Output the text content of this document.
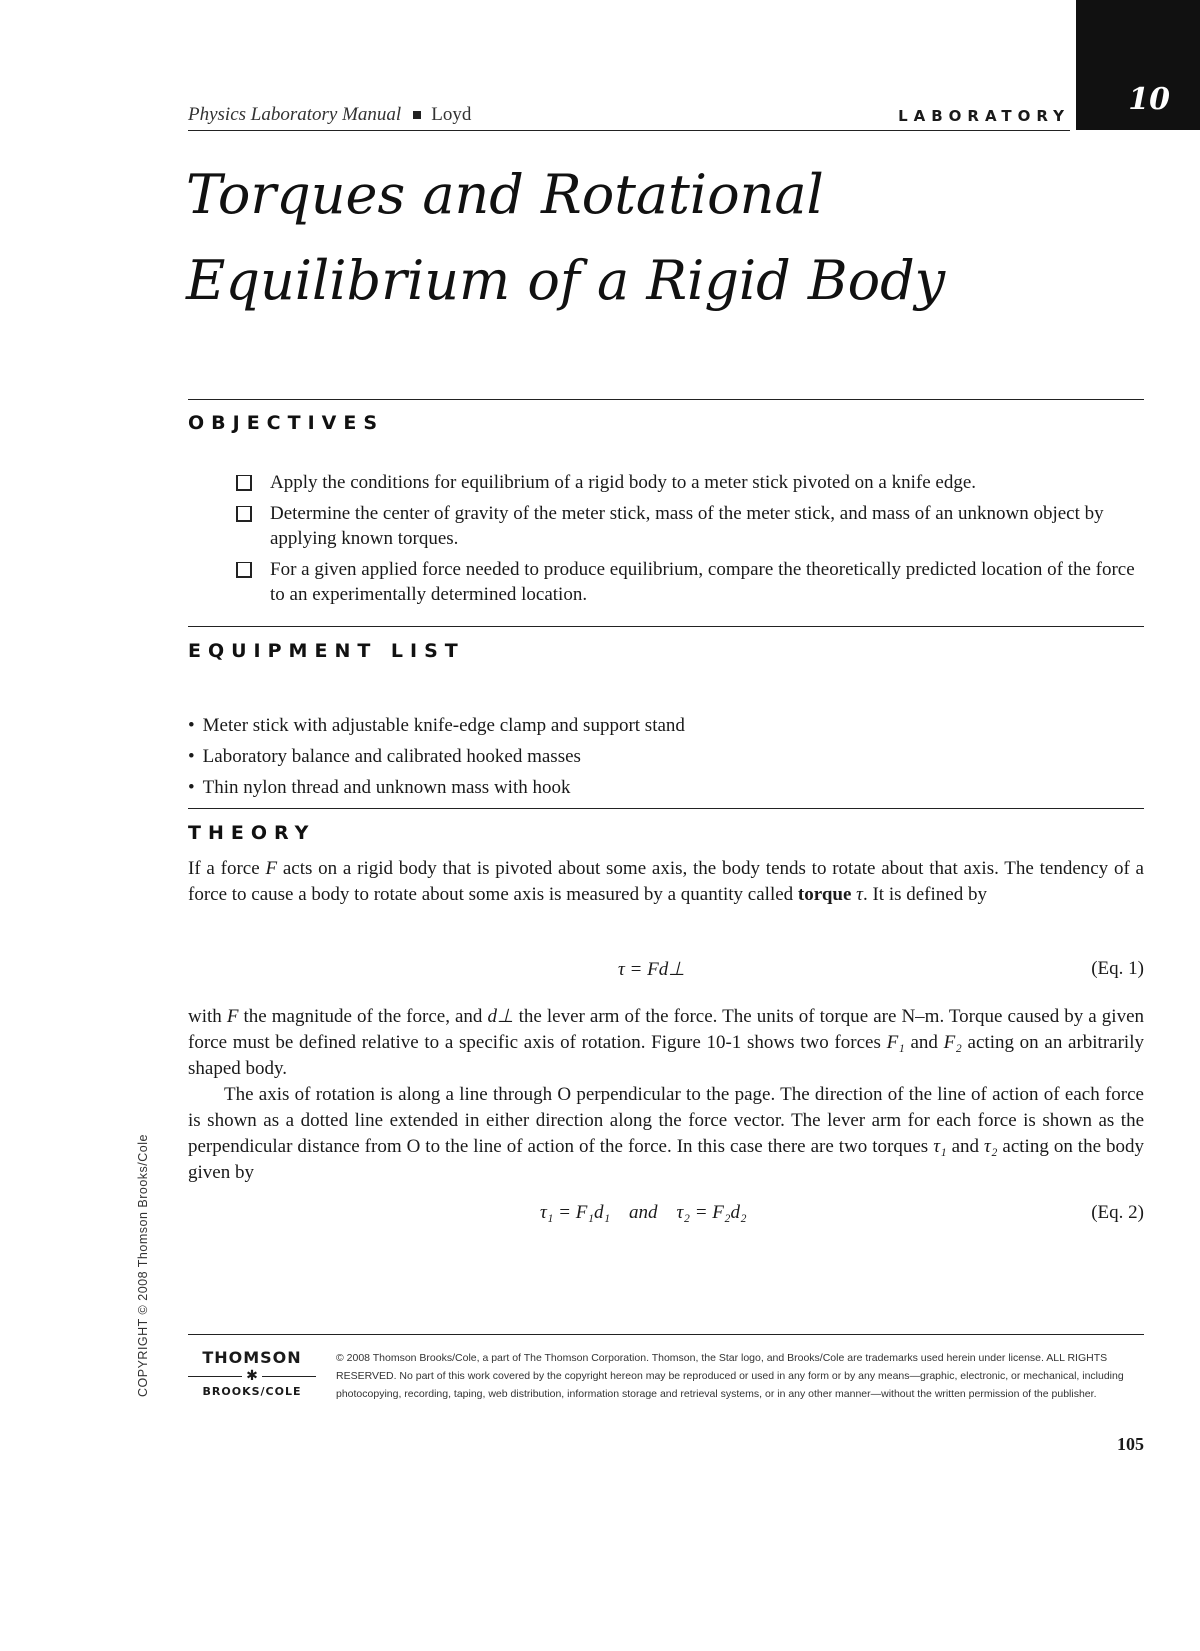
10
Physics Laboratory Manual Loyd	LABORATORY
Torques and Rotational
Equilibrium of a Rigid Body
OBJECTIVES
Apply the conditions for equilibrium of a rigid body to a meter stick pivoted on a knife edge.
Determine the center of gravity of the meter stick, mass of the meter stick, and mass of an unknown object by applying known torques.
For a given applied force needed to produce equilibrium, compare the theoretically predicted location of the force to an experimentally determined location.
EQUIPMENT LIST
• Meter stick with adjustable knife-edge clamp and support stand
• Laboratory balance and calibrated hooked masses
• Thin nylon thread and unknown mass with hook
THEORY

If a force F acts on a rigid body that is pivoted about some axis, the body tends to rotate about that axis. The tendency of a force to cause a body to rotate about some axis is measured by a quantity called torque τ. It is defined by

τ = Fd⊥	(Eq. 1)

with F the magnitude of the force, and d⊥ the lever arm of the force. The units of torque are N–m. Torque caused by a given force must be defined relative to a specific axis of rotation. Figure 10-1 shows two forces F₁ and F₂ acting on an arbitrarily shaped body.

The axis of rotation is along a line through O perpendicular to the page. The direction of the line of action of each force is shown as a dotted line extended in either direction along the force vector. The lever arm for each force is shown as the perpendicular distance from O to the line of action of the force. In this case there are two torques τ₁ and τ₂ acting on the body given by

τ₁ = F₁d₁    and    τ₂ = F₂d₂	(Eq. 2)
THOMSON
✱
BROOKS/COLE

© 2008 Thomson Brooks/Cole, a part of The Thomson Corporation. Thomson, the Star logo, and Brooks/Cole are trademarks used herein under license. ALL RIGHTS RESERVED. No part of this work covered by the copyright hereon may be reproduced or used in any form or by any means—graphic, electronic, or mechanical, including photocopying, recording, taping, web distribution, information storage and retrieval systems, or in any other manner—without the written permission of the publisher.

105
COPYRIGHT © 2008 Thomson Brooks/Cole
